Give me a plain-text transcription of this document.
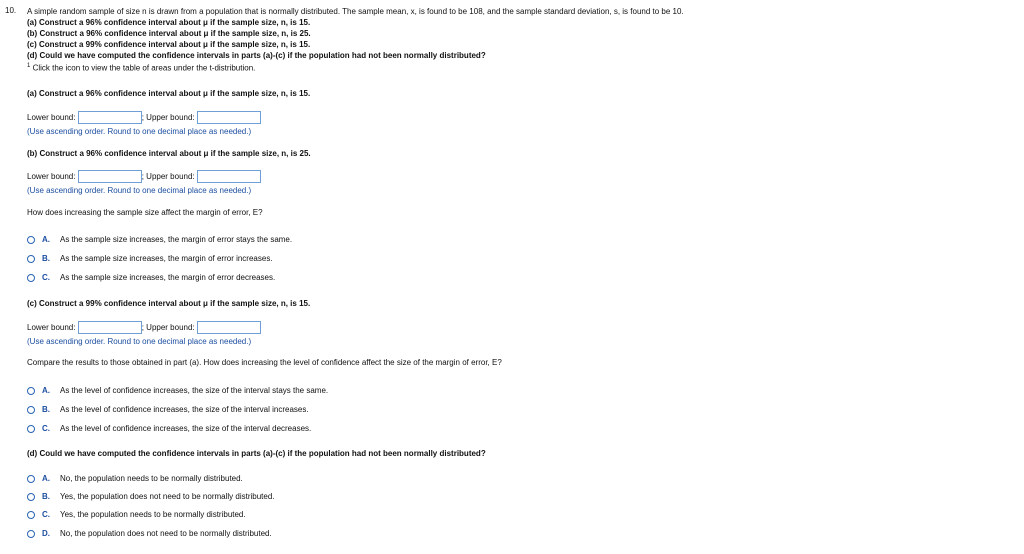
10. A simple random sample of size n is drawn from a population that is normally distributed. The sample mean, x, is found to be 108, and the sample standard deviation, s, is found to be 10.
(a) Construct a 96% confidence interval about μ if the sample size, n, is 15.
(b) Construct a 96% confidence interval about μ if the sample size, n, is 25.
(c) Construct a 99% confidence interval about μ if the sample size, n, is 15.
(d) Could we have computed the confidence intervals in parts (a)-(c) if the population had not been normally distributed?
$^1$ Click the icon to view the table of areas under the t-distribution.
(a) Construct a 96% confidence interval about μ if the sample size, n, is 15.
Lower bound:	; Upper bound:
(Use ascending order. Round to one decimal place as needed.)
(b) Construct a 96% confidence interval about μ if the sample size, n, is 25.
Lower bound:	; Upper bound:
(Use ascending order. Round to one decimal place as needed.)
How does increasing the sample size affect the margin of error, E?
A.	As the sample size increases, the margin of error stays the same.
B.	As the sample size increases, the margin of error increases.
C.	As the sample size increases, the margin of error decreases.
(c) Construct a 99% confidence interval about μ if the sample size, n, is 15.
Lower bound:	; Upper bound:
(Use ascending order. Round to one decimal place as needed.)
Compare the results to those obtained in part (a). How does increasing the level of confidence affect the size of the margin of error, E?
A.	As the level of confidence increases, the size of the interval stays the same.
B.	As the level of confidence increases, the size of the interval increases.
C.	As the level of confidence increases, the size of the interval decreases.
(d) Could we have computed the confidence intervals in parts (a)-(c) if the population had not been normally distributed?
A.	No, the population needs to be normally distributed.
B.	Yes, the population does not need to be normally distributed.
C.	Yes, the population needs to be normally distributed.
D.	No, the population does not need to be normally distributed.
